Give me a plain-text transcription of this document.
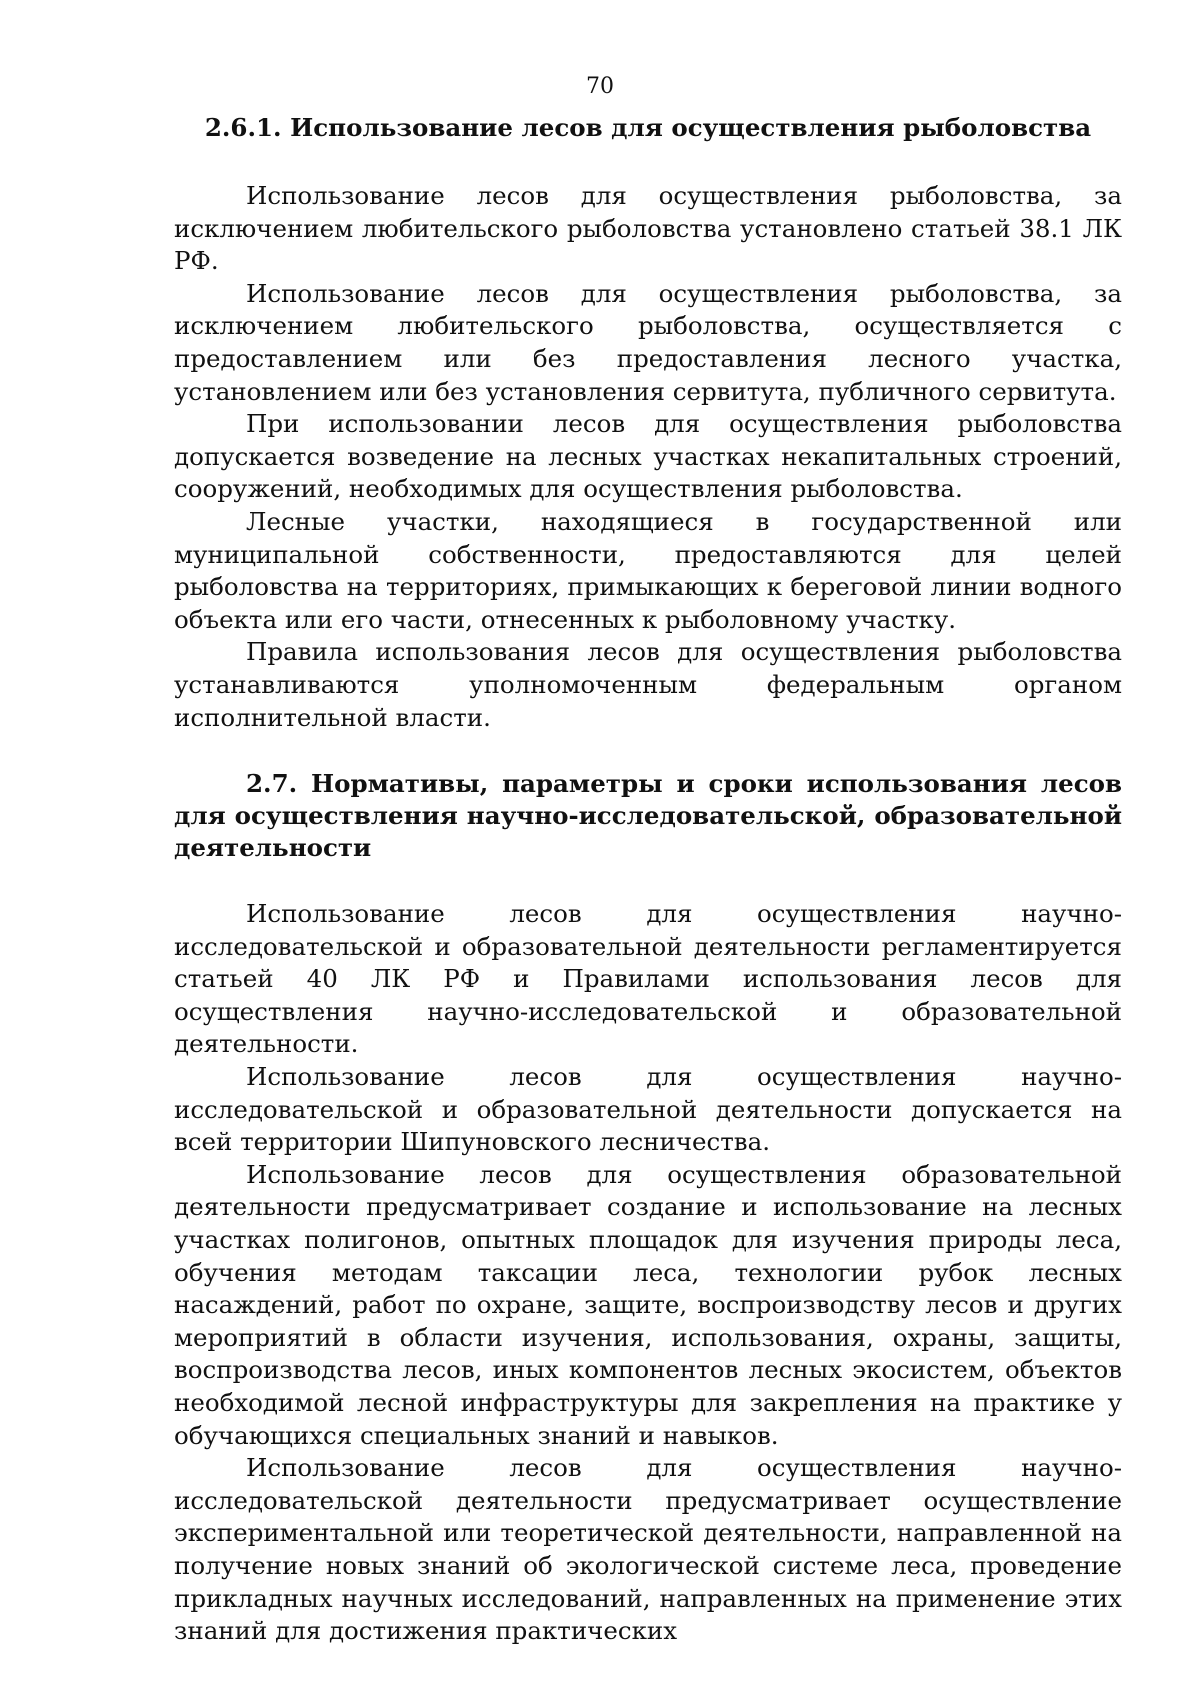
70
2.6.1. Использование лесов для осуществления рыболовства

Использование лесов для осуществления рыболовства, за исключением любительского рыболовства установлено статьей 38.1 ЛК РФ.

Использование лесов для осуществления рыболовства, за исключением любительского рыболовства, осуществляется с предоставлением или без предоставления лесного участка, установлением или без установления сервитута, публичного сервитута.

При использовании лесов для осуществления рыболовства допускается возведение на лесных участках некапитальных строений, сооружений, необходимых для осуществления рыболовства.

Лесные участки, находящиеся в государственной или муниципальной собственности, предоставляются для целей рыболовства на территориях, примыкающих к береговой линии водного объекта или его части, отнесенных к рыболовному участку.

Правила использования лесов для осуществления рыболовства устанавливаются уполномоченным федеральным органом исполнительной власти.

2.7. Нормативы, параметры и сроки использования лесов для осуществления научно-исследовательской, образовательной деятельности

Использование лесов для осуществления научно-исследовательской и образовательной деятельности регламентируется статьей 40 ЛК РФ и Правилами использования лесов для осуществления научно-исследовательской и образовательной деятельности.

Использование лесов для осуществления научно-исследовательской и образовательной деятельности допускается на всей территории Шипуновского лесничества.

Использование лесов для осуществления образовательной деятельности предусматривает создание и использование на лесных участках полигонов, опытных площадок для изучения природы леса, обучения методам таксации леса, технологии рубок лесных насаждений, работ по охране, защите, воспроизводству лесов и других мероприятий в области изучения, использования, охраны, защиты, воспроизводства лесов, иных компонентов лесных экосистем, объектов необходимой лесной инфраструктуры для закрепления на практике у обучающихся специальных знаний и навыков.

Использование лесов для осуществления научно-исследовательской деятельности предусматривает осуществление экспериментальной или теоретической деятельности, направленной на получение новых знаний об экологической системе леса, проведение прикладных научных исследований, направленных на применение этих знаний для достижения практических
